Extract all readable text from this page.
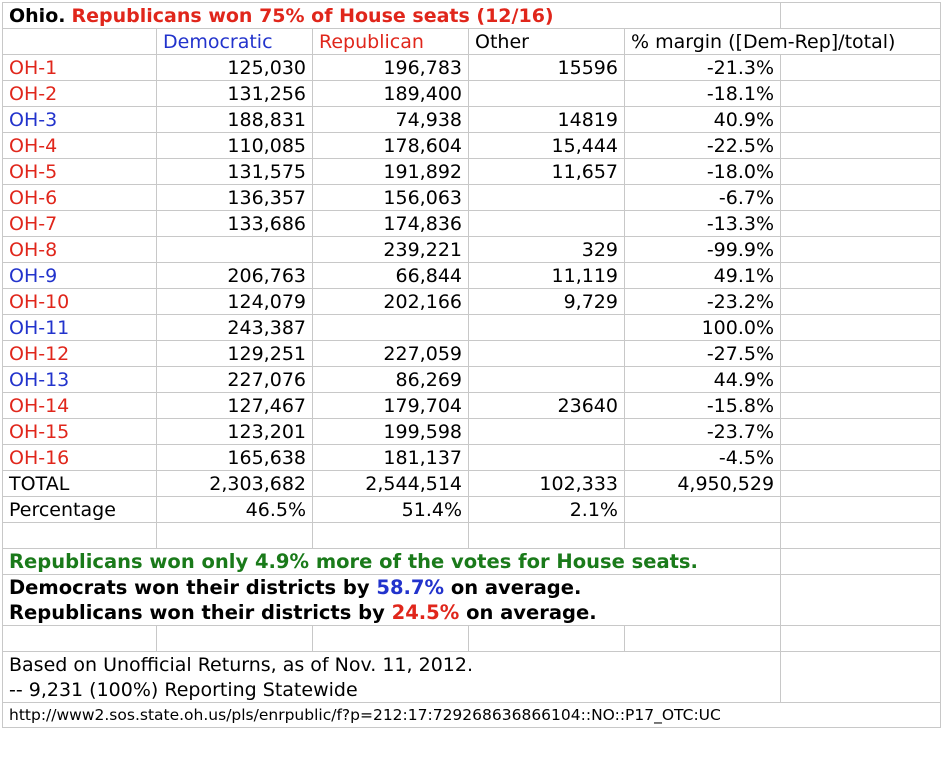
Ohio. Republicans won 75% of House seats (12/16)					
	Democratic	Republican	Other	% margin ([Dem-Rep]/total)	
OH-1	125,030	196,783	15596	-21.3%	
OH-2	131,256	189,400		-18.1%	
OH-3	188,831	74,938	14819	40.9%	
OH-4	110,085	178,604	15,444	-22.5%	
OH-5	131,575	191,892	11,657	-18.0%	
OH-6	136,357	156,063		-6.7%	
OH-7	133,686	174,836		-13.3%	
OH-8		239,221	329	-99.9%	
OH-9	206,763	66,844	11,119	49.1%	
OH-10	124,079	202,166	9,729	-23.2%	
OH-11	243,387			100.0%	
OH-12	129,251	227,059		-27.5%	
OH-13	227,076	86,269		44.9%	
OH-14	127,467	179,704	23640	-15.8%	
OH-15	123,201	199,598		-23.7%	
OH-16	165,638	181,137		-4.5%	
TOTAL	2,303,682	2,544,514	102,333	4,950,529	
Percentage	46.5%	51.4%	2.1%		

Republicans won only 4.9% more of the votes for House seats.					
Democrats won their districts by 58.7% on average.					
Republicans won their districts by 24.5% on average.					

Based on Unofficial Returns, as of Nov. 11, 2012.					
-- 9,231 (100%) Reporting Statewide					
http://www2.sos.state.oh.us/pls/enrpublic/f?p=212:17:729268636866104::NO::P17_OTC:UC					
